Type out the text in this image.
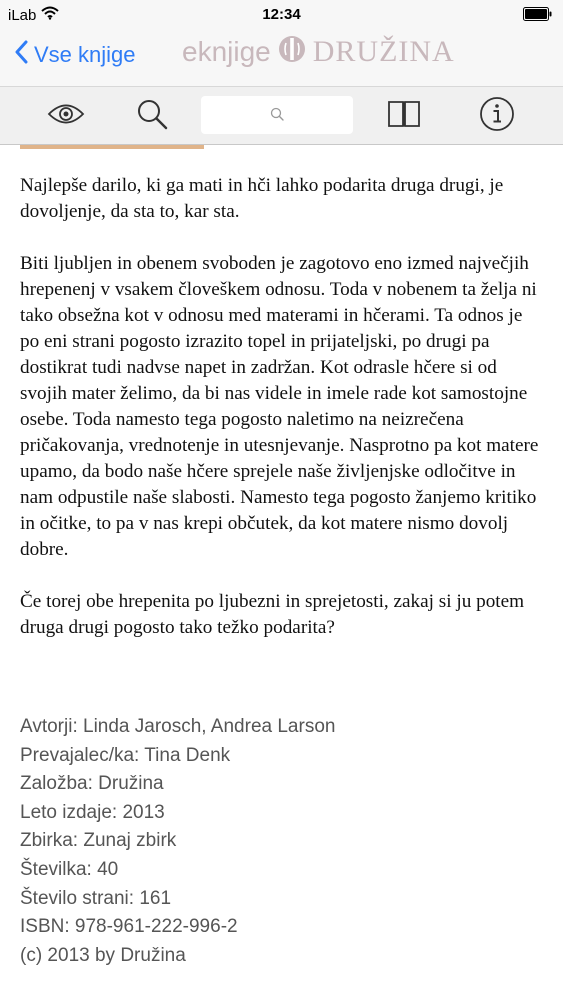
iLab	12:34
Vse knjige eknjige DRUŽINA

Najlepše darilo, ki ga mati in hči lahko podarita druga drugi, je dovoljenje, da sta to, kar sta.

Biti ljubljen in obenem svoboden je zagotovo eno izmed največjih hrepenenj v vsakem človeškem odnosu. Toda v nobenem ta želja ni tako obsežna kot v odnosu med materami in hčerami. Ta odnos je po eni strani pogosto izrazito topel in prijateljski, po drugi pa dostikrat tudi nadvse napet in zadržan. Kot odrasle hčere si od svojih mater želimo, da bi nas videle in imele rade kot samostojne osebe. Toda namesto tega pogosto naletimo na neizrečena pričakovanja, vrednotenje in utesnjevanje. Nasprotno pa kot matere upamo, da bodo naše hčere sprejele naše življenjske odločitve in nam odpustile naše slabosti. Namesto tega pogosto žanjemo kritiko in očitke, to pa v nas krepi občutek, da kot matere nismo dovolj dobre.

Če torej obe hrepenita po ljubezni in sprejetosti, zakaj si ju potem druga drugi pogosto tako težko podarita?

Avtorji: Linda Jarosch, Andrea Larson
Prevajalec/ka: Tina Denk
Založba: Družina
Leto izdaje: 2013
Zbirka: Zunaj zbirk
Številka: 40
Število strani: 161
ISBN: 978-961-222-996-2
(c) 2013 by Družina
